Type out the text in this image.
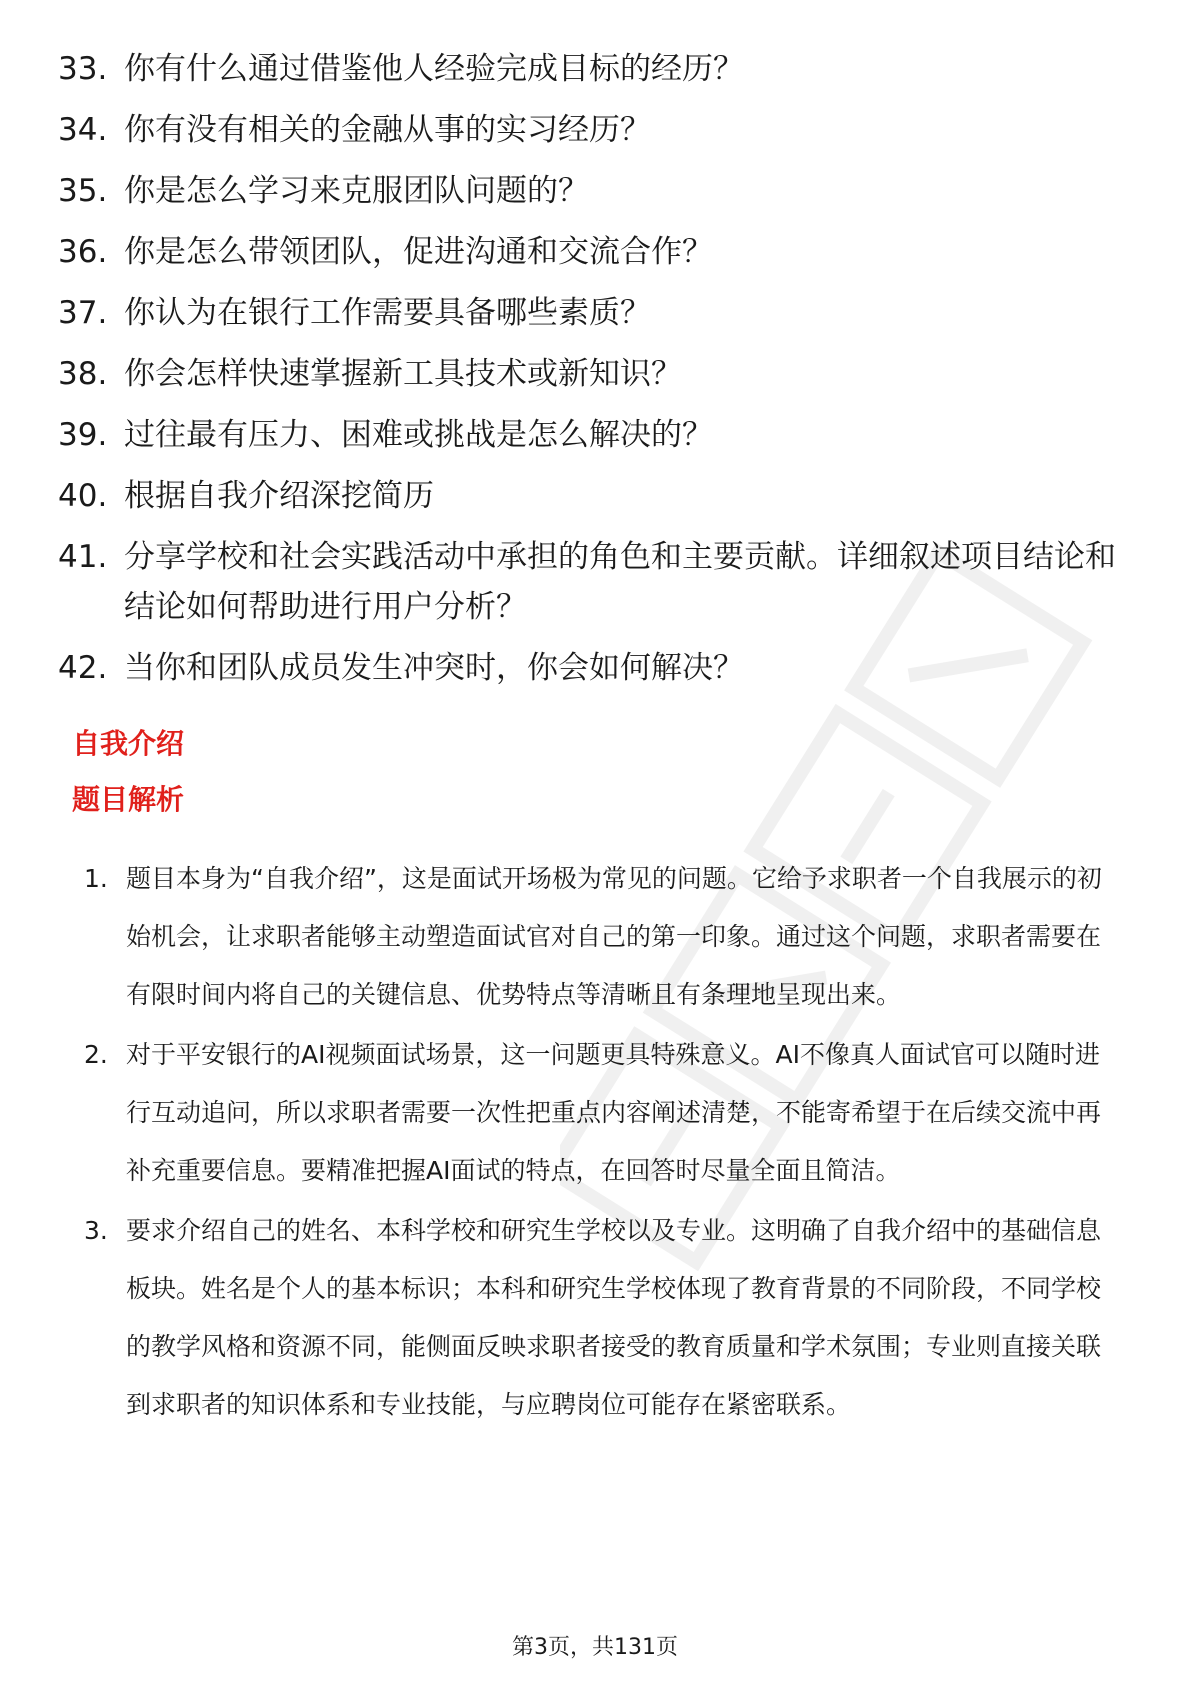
33. 你有什么通过借鉴他人经验完成目标的经历？
34. 你有没有相关的金融从事的实习经历？
35. 你是怎么学习来克服团队问题的？
36. 你是怎么带领团队，促进沟通和交流合作？
37. 你认为在银行工作需要具备哪些素质？
38. 你会怎样快速掌握新工具技术或新知识？
39. 过往最有压力、困难或挑战是怎么解决的？
40. 根据自我介绍深挖简历
41. 分享学校和社会实践活动中承担的角色和主要贡献。详细叙述项目结论和结论如何帮助进行用户分析？
42. 当你和团队成员发生冲突时，你会如何解决？
自我介绍
题目解析
1. 题目本身为“自我介绍”，这是面试开场极为常见的问题。它给予求职者一个自我展示的初始机会，让求职者能够主动塑造面试官对自己的第一印象。通过这个问题，求职者需要在有限时间内将自己的关键信息、优势特点等清晰且有条理地呈现出来。
2. 对于平安银行的AI视频面试场景，这一问题更具特殊意义。AI不像真人面试官可以随时进行互动追问，所以求职者需要一次性把重点内容阐述清楚，不能寄希望于在后续交流中再补充重要信息。要精准把握AI面试的特点，在回答时尽量全面且简洁。
3. 要求介绍自己的姓名、本科学校和研究生学校以及专业。这明确了自我介绍中的基础信息板块。姓名是个人的基本标识；本科和研究生学校体现了教育背景的不同阶段，不同学校的教学风格和资源不同，能侧面反映求职者接受的教育质量和学术氛围；专业则直接关联到求职者的知识体系和专业技能，与应聘岗位可能存在紧密联系。
第3页，共131页
